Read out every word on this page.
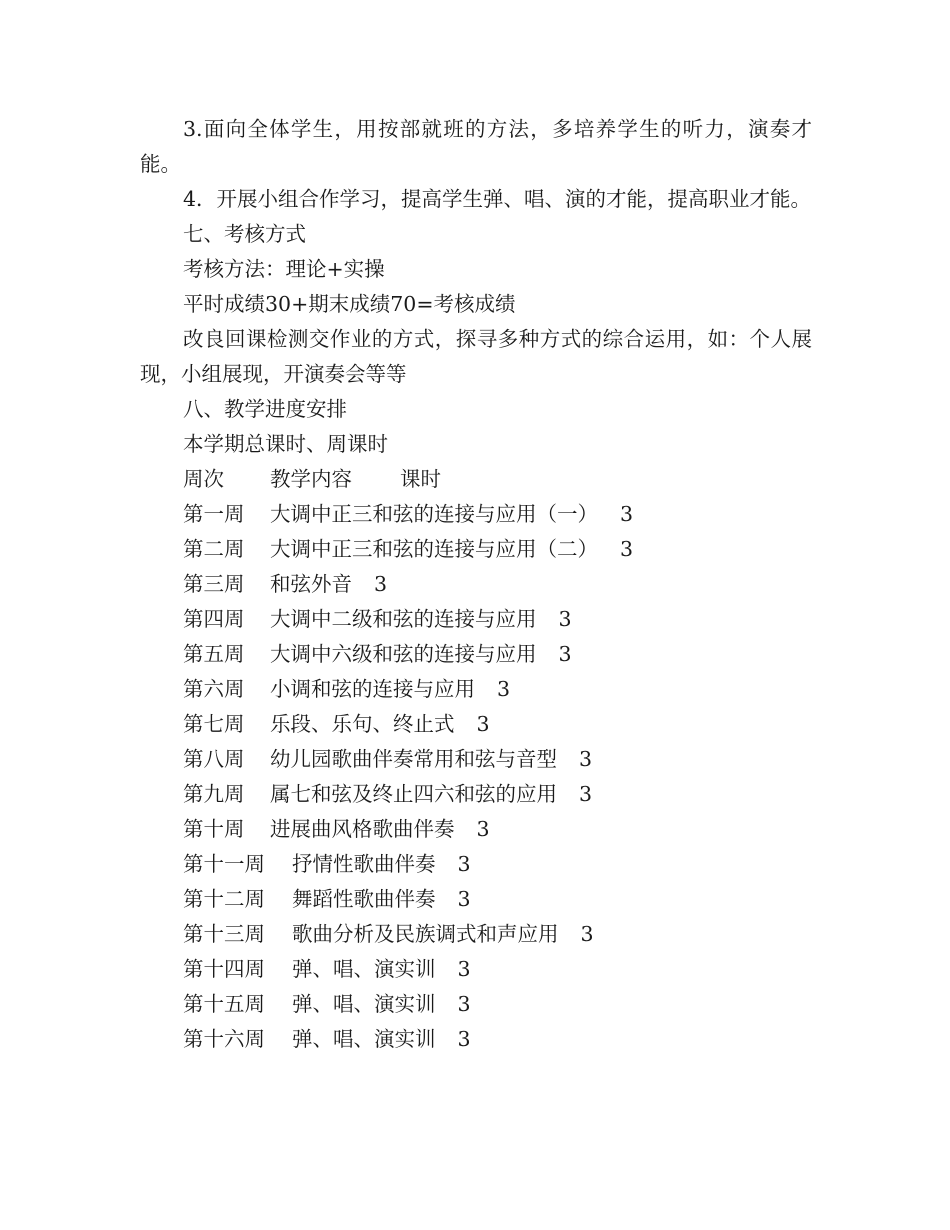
3.面向全体学生，用按部就班的方法，多培养学生的听力，演奏才能。

4．开展小组合作学习，提高学生弹、唱、演的才能，提高职业才能。

七、考核方式

考核方法：理论+实操

平时成绩30+期末成绩70=考核成绩

改良回课检测交作业的方式，探寻多种方式的综合运用，如：个人展现，小组展现，开演奏会等等

八、教学进度安排

本学期总课时、周课时

周次	教学内容	课时
第一周	大调中正三和弦的连接与应用（一） 3
第二周	大调中正三和弦的连接与应用（二） 3
第三周	和弦外音 3
第四周	大调中二级和弦的连接与应用 3
第五周	大调中六级和弦的连接与应用 3
第六周	小调和弦的连接与应用 3
第七周	乐段、乐句、终止式 3
第八周	幼儿园歌曲伴奏常用和弦与音型 3
第九周	属七和弦及终止四六和弦的应用 3
第十周	进展曲风格歌曲伴奏 3
第十一周	抒情性歌曲伴奏 3
第十二周	舞蹈性歌曲伴奏 3
第十三周	歌曲分析及民族调式和声应用 3
第十四周	弹、唱、演实训 3
第十五周	弹、唱、演实训 3
第十六周	弹、唱、演实训 3
